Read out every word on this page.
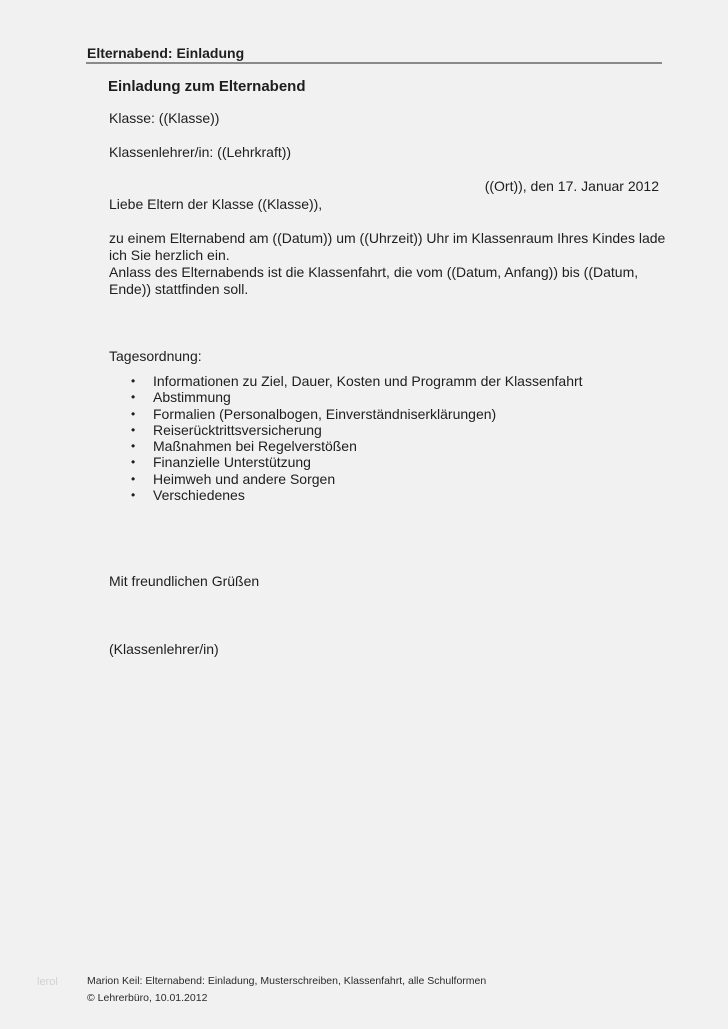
Elternabend: Einladung
Einladung zum Elternabend
Klasse: ((Klasse))
Klassenlehrer/in: ((Lehrkraft))
((Ort)), den 17. Januar 2012
Liebe Eltern der Klasse ((Klasse)),
zu einem Elternabend am ((Datum)) um ((Uhrzeit)) Uhr im Klassenraum Ihres Kindes lade
ich Sie herzlich ein.
Anlass des Elternabends ist die Klassenfahrt, die vom ((Datum, Anfang)) bis ((Datum,
Ende)) stattfinden soll.
Tagesordnung:
• Informationen zu Ziel, Dauer, Kosten und Programm der Klassenfahrt
• Abstimmung
• Formalien (Personalbogen, Einverständniserklärungen)
• Reiserücktrittsversicherung
• Maßnahmen bei Regelverstößen
• Finanzielle Unterstützung
• Heimweh und andere Sorgen
• Verschiedenes
Mit freundlichen Grüßen
(Klassenlehrer/in)
lerol	Marion Keil: Elternabend: Einladung, Musterschreiben, Klassenfahrt, alle Schulformen
© Lehrerbüro, 10.01.2012
